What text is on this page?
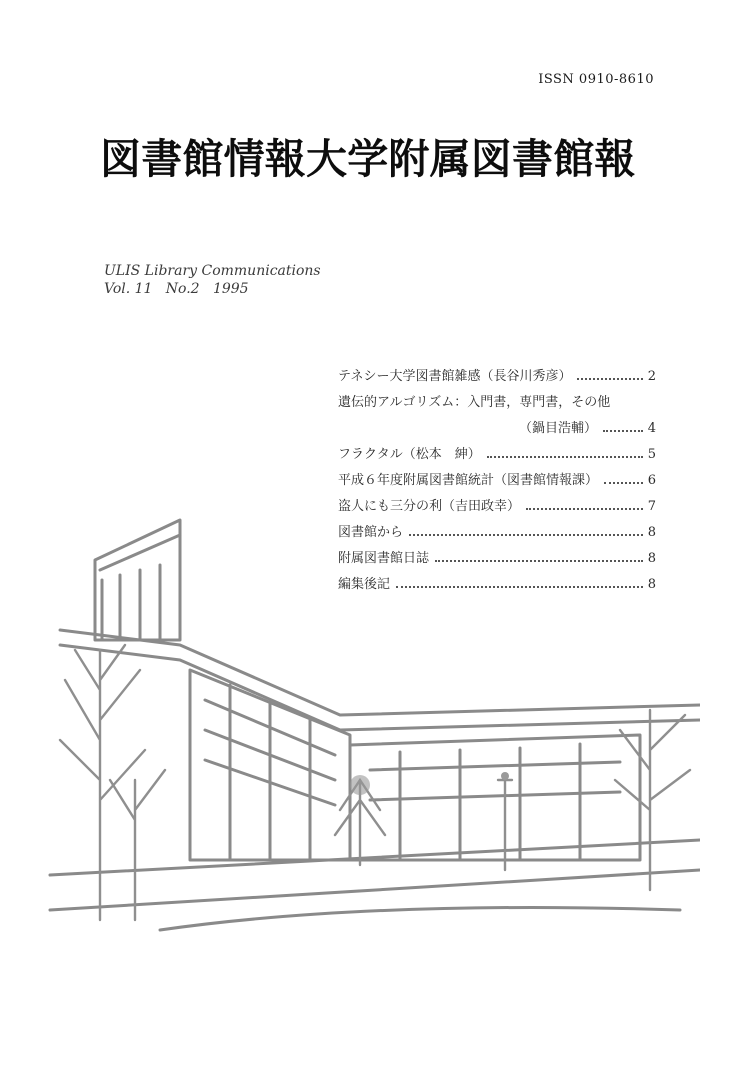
ISSN 0910-8610
図書館情報大学附属図書館報
ULIS Library Communications
Vol. 11   No.2   1995
テネシー大学図書館雑感（長谷川秀彦）	2
遺伝的アルゴリズム：入門書，専門書，その他
（鍋目浩輔）	4
フラクタル（松本　紳）	5
平成６年度附属図書館統計（図書館情報課）	6
盗人にも三分の利（吉田政幸）	7
図書館から	8
附属図書館日誌	8
編集後記	8
